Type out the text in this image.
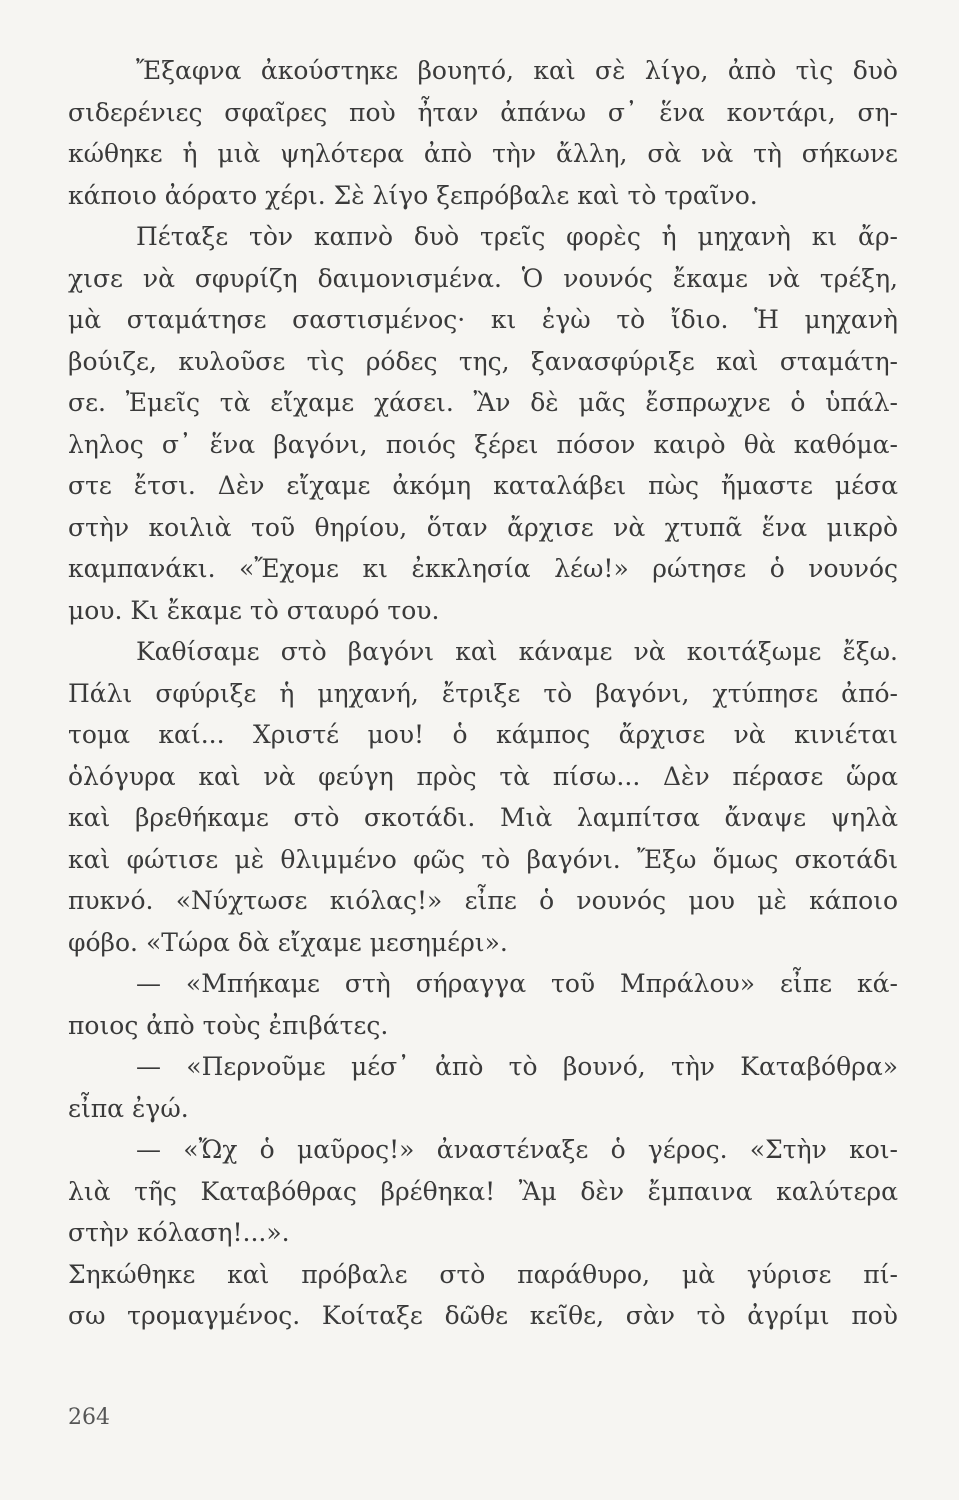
Ἔξαφνα ἀκούστηκε βουητό, καὶ σὲ λίγο, ἀπὸ τὶς δυὸ
σιδερένιες σφαῖρες ποὺ ἦταν ἀπάνω σ᾽ ἕνα κοντάρι, ση-
κώθηκε ἡ μιὰ ψηλότερα ἀπὸ τὴν ἄλλη, σὰ νὰ τὴ σήκωνε
κάποιο ἀόρατο χέρι. Σὲ λίγο ξεπρόβαλε καὶ τὸ τραῖνο.
Πέταξε τὸν καπνὸ δυὸ τρεῖς φορὲς ἡ μηχανὴ κι ἄρ-
χισε νὰ σφυρίζη δαιμονισμένα. Ὁ νουνός ἔκαμε νὰ τρέξη,
μὰ σταμάτησε σαστισμένος· κι ἐγὼ τὸ ἴδιο. Ἡ μηχανὴ
βούιζε, κυλοῦσε τὶς ρόδες της, ξανασφύριξε καὶ σταμάτη-
σε. Ἐμεῖς τὰ εἴχαμε χάσει. Ἂν δὲ μᾶς ἔσπρωχνε ὁ ὑπάλ-
ληλος σ᾽ ἕνα βαγόνι, ποιός ξέρει πόσον καιρὸ θὰ καθόμα-
στε ἔτσι. Δὲν εἴχαμε ἀκόμη καταλάβει πὼς ἤμαστε μέσα
στὴν κοιλιὰ τοῦ θηρίου, ὅταν ἄρχισε νὰ χτυπᾶ ἕνα μικρὸ
καμπανάκι. «Ἔχομε κι ἐκκλησία λέω!» ρώτησε ὁ νουνός
μου. Κι ἔκαμε τὸ σταυρό του.
Καθίσαμε στὸ βαγόνι καὶ κάναμε νὰ κοιτάξωμε ἔξω.
Πάλι σφύριξε ἡ μηχανή, ἔτριξε τὸ βαγόνι, χτύπησε ἀπό-
τομα καί... Χριστέ μου! ὁ κάμπος ἄρχισε νὰ κινιέται
ὁλόγυρα καὶ νὰ φεύγη πρὸς τὰ πίσω... Δὲν πέρασε ὥρα
καὶ βρεθήκαμε στὸ σκοτάδι. Μιὰ λαμπίτσα ἄναψε ψηλὰ
καὶ φώτισε μὲ θλιμμένο φῶς τὸ βαγόνι. Ἔξω ὅμως σκοτάδι
πυκνό. «Νύχτωσε κιόλας!» εἶπε ὁ νουνός μου μὲ κάποιο
φόβο. «Τώρα δὰ εἴχαμε μεσημέρι».
— «Μπήκαμε στὴ σήραγγα τοῦ Μπράλου» εἶπε κά-
ποιος ἀπὸ τοὺς ἐπιβάτες.
— «Περνοῦμε μέσ᾽ ἀπὸ τὸ βουνό, τὴν Καταβόθρα»
εἶπα ἐγώ.
— «Ὤχ ὁ μαῦρος!» ἀναστέναξε ὁ γέρος. «Στὴν κοι-
λιὰ τῆς Καταβόθρας βρέθηκα! Ἂμ δὲν ἔμπαινα καλύτερα
στὴν κόλαση!...».
Σηκώθηκε καὶ πρόβαλε στὸ παράθυρο, μὰ γύρισε πί-
σω τρομαγμένος. Κοίταξε δῶθε κεῖθε, σὰν τὸ ἀγρίμι ποὺ
264
